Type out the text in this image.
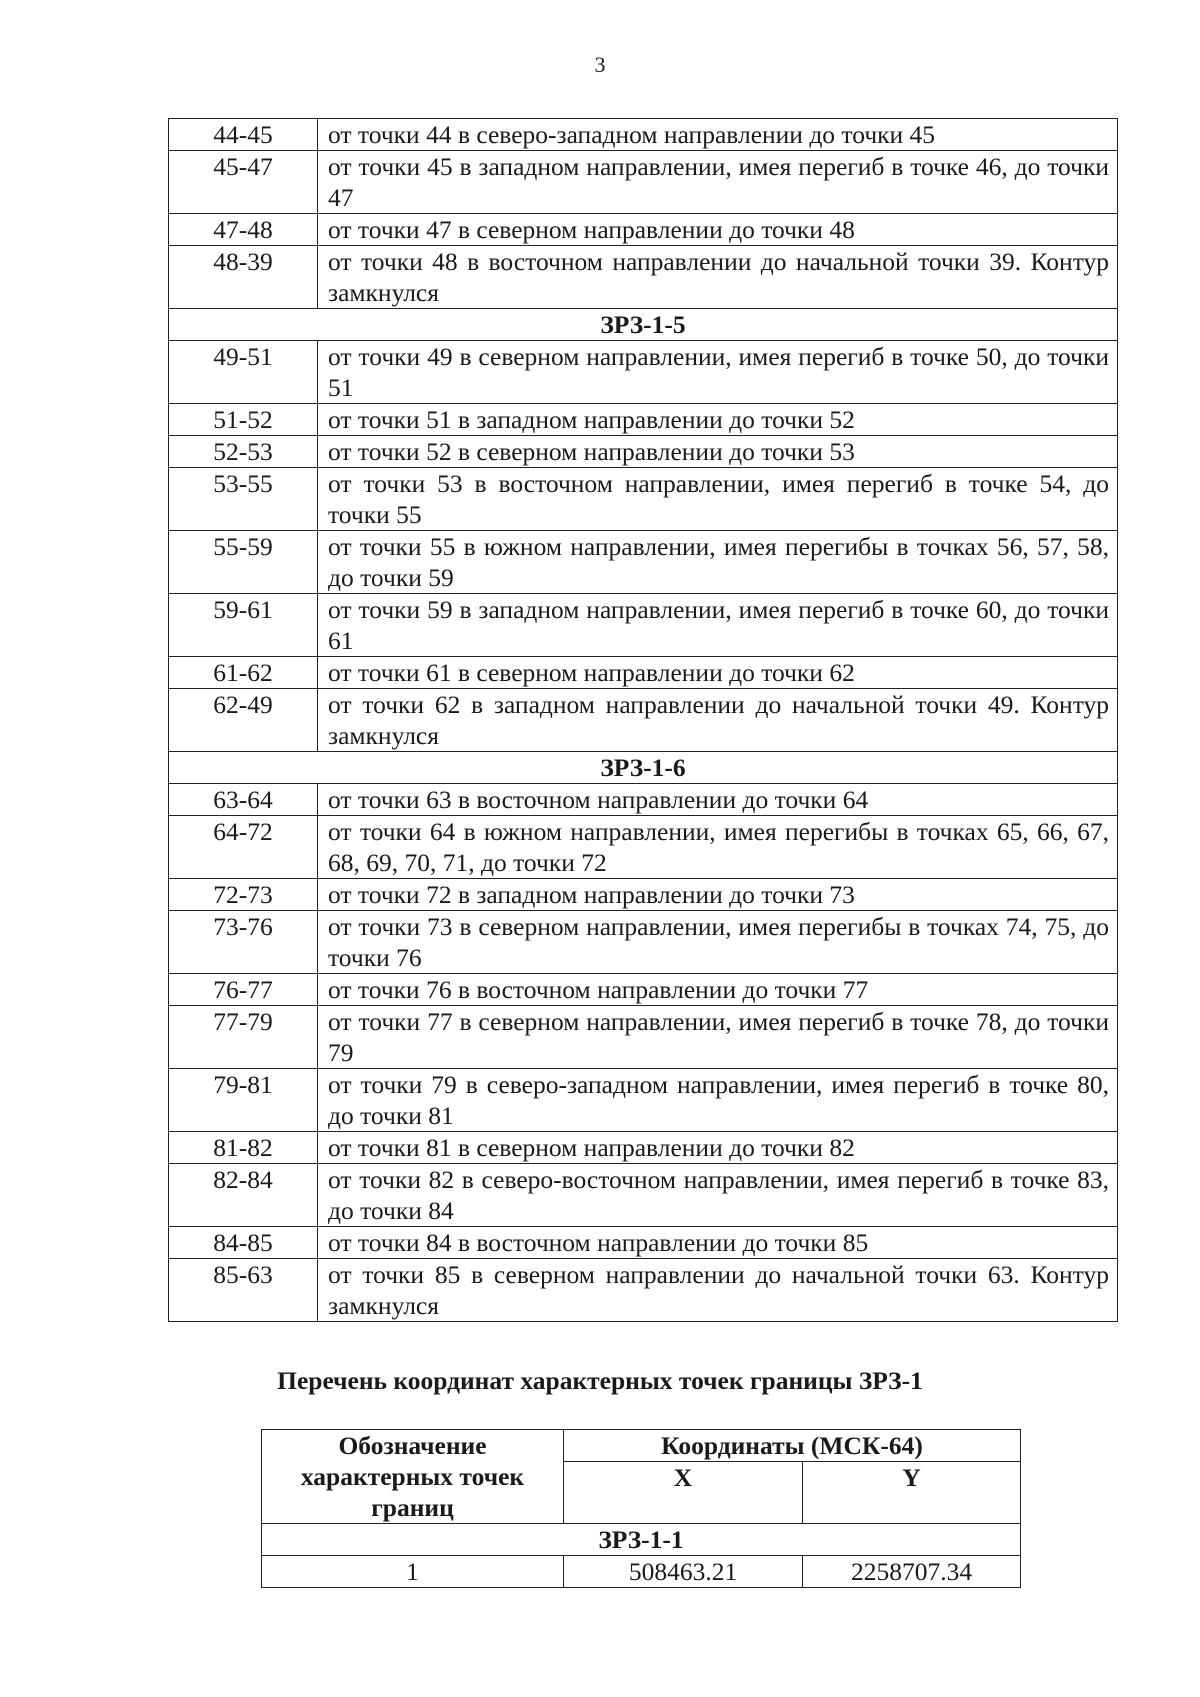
3
44-45	от точки 44 в северо-западном направлении до точки 45
45-47	от точки 45 в западном направлении, имея перегиб в точке 46, до точки 47
47-48	от точки 47 в северном направлении до точки 48
48-39	от точки 48 в восточном направлении до начальной точки 39. Контур замкнулся
ЗРЗ-1-5	
49-51	от точки 49 в северном направлении, имея перегиб в точке 50, до точки 51
51-52	от точки 51 в западном направлении до точки 52
52-53	от точки 52 в северном направлении до точки 53
53-55	от точки 53 в восточном направлении, имея перегиб в точке 54, до точки 55
55-59	от точки 55 в южном направлении, имея перегибы в точках 56, 57, 58, до точки 59
59-61	от точки 59 в западном направлении, имея перегиб в точке 60, до точки 61
61-62	от точки 61 в северном направлении до точки 62
62-49	от точки 62 в западном направлении до начальной точки 49. Контур замкнулся
ЗРЗ-1-6	
63-64	от точки 63 в восточном направлении до точки 64
64-72	от точки 64 в южном направлении, имея перегибы в точках 65, 66, 67, 68, 69, 70, 71, до точки 72
72-73	от точки 72 в западном направлении до точки 73
73-76	от точки 73 в северном направлении, имея перегибы в точках 74, 75, до точки 76
76-77	от точки 76 в восточном направлении до точки 77
77-79	от точки 77 в северном направлении, имея перегиб в точке 78, до точки 79
79-81	от точки 79 в северо-западном направлении, имея перегиб в точке 80, до точки 81
81-82	от точки 81 в северном направлении до точки 82
82-84	от точки 82 в северо-восточном направлении, имея перегиб в точке 83, до точки 84
84-85	от точки 84 в восточном направлении до точки 85
85-63	от точки 85 в северном направлении до начальной точки 63. Контур замкнулся
Перечень координат характерных точек границы ЗРЗ-1
Обозначение характерных точек границ	Координаты (МСК-64)	
	X	Y
ЗРЗ-1-1		
1	508463.21	2258707.34
